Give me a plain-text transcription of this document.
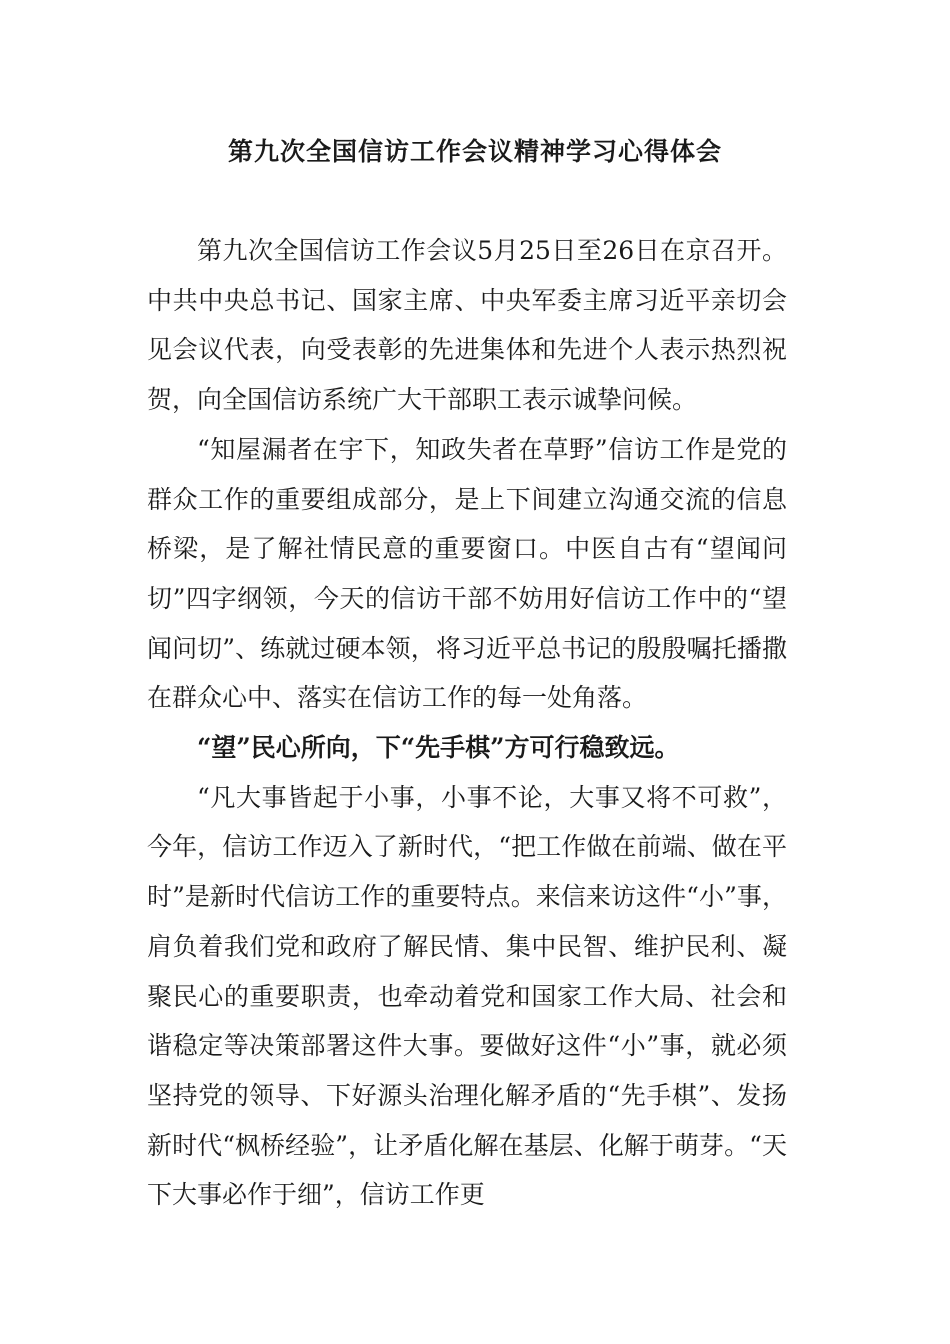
第九次全国信访工作会议精神学习心得体会

第九次全国信访工作会议5月25日至26日在京召开。中共中央总书记、国家主席、中央军委主席习近平亲切会见会议代表，向受表彰的先进集体和先进个人表示热烈祝贺，向全国信访系统广大干部职工表示诚挚问候。

“知屋漏者在宇下，知政失者在草野”信访工作是党的群众工作的重要组成部分，是上下间建立沟通交流的信息桥梁，是了解社情民意的重要窗口。中医自古有“望闻问切”四字纲领，今天的信访干部不妨用好信访工作中的“望闻问切”、练就过硬本领，将习近平总书记的殷殷嘱托播撒在群众心中、落实在信访工作的每一处角落。

“望”民心所向，下“先手棋”方可行稳致远。

“凡大事皆起于小事，小事不论，大事又将不可救”，今年，信访工作迈入了新时代，“把工作做在前端、做在平时”是新时代信访工作的重要特点。来信来访这件“小”事，肩负着我们党和政府了解民情、集中民智、维护民利、凝聚民心的重要职责，也牵动着党和国家工作大局、社会和谐稳定等决策部署这件大事。要做好这件“小”事，就必须坚持党的领导、下好源头治理化解矛盾的“先手棋”、发扬新时代“枫桥经验”，让矛盾化解在基层、化解于萌芽。“天下大事必作于细”，信访工作更
